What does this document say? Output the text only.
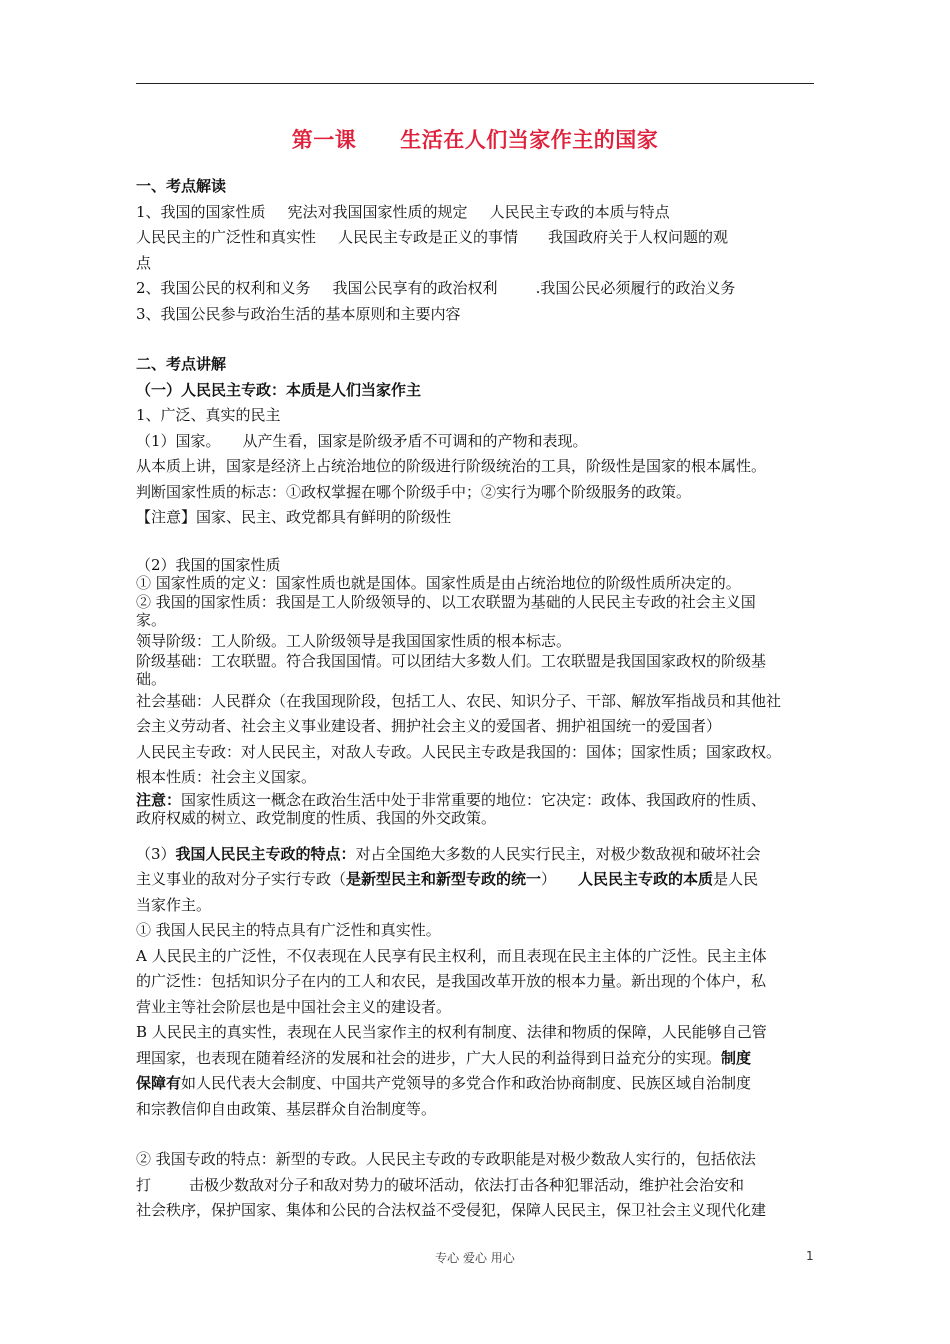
第一课 生活在人们当家作主的国家
一、考点解读
1、我国的国家性质 宪法对我国国家性质的规定 人民民主专政的本质与特点
人民民主的广泛性和真实性 人民民主专政是正义的事情 我国政府关于人权问题的观
点
2、我国公民的权利和义务 我国公民享有的政治权利	.我国公民必须履行的政治义务
3、我国公民参与政治生活的基本原则和主要内容
二、考点讲解
（一）人民民主专政：本质是人们当家作主
1、广泛、真实的民主
（1）国家。 从产生看，国家是阶级矛盾不可调和的产物和表现。
从本质上讲，国家是经济上占统治地位的阶级进行阶级统治的工具，阶级性是国家的根本属性。
判断国家性质的标志：①政权掌握在哪个阶级手中；②实行为哪个阶级服务的政策。
【注意】国家、民主、政党都具有鲜明的阶级性
（2）我国的国家性质
① 国家性质的定义：国家性质也就是国体。国家性质是由占统治地位的阶级性质所决定的。
② 我国的国家性质：我国是工人阶级领导的、以工农联盟为基础的人民民主专政的社会主义国
家。
领导阶级：工人阶级。工人阶级领导是我国国家性质的根本标志。
阶级基础：工农联盟。符合我国国情。可以团结大多数人们。工农联盟是我国国家政权的阶级基
础。
社会基础：人民群众（在我国现阶段，包括工人、农民、知识分子、干部、解放军指战员和其他社
会主义劳动者、社会主义事业建设者、拥护社会主义的爱国者、拥护祖国统一的爱国者）
人民民主专政：对人民民主，对敌人专政。人民民主专政是我国的：国体；国家性质；国家政权。
根本性质：社会主义国家。
注意：国家性质这一概念在政治生活中处于非常重要的地位：它决定：政体、我国政府的性质、
政府权威的树立、政党制度的性质、我国的外交政策。
（3）我国人民民主专政的特点：对占全国绝大多数的人民实行民主，对极少数敌视和破坏社会
主义事业的敌对分子实行专政（是新型民主和新型专政的统一） 人民民主专政的本质是人民
当家作主。
① 我国人民民主的特点具有广泛性和真实性。
A 人民民主的广泛性，不仅表现在人民享有民主权利，而且表现在民主主体的广泛性。民主主体
的广泛性：包括知识分子在内的工人和农民，是我国改革开放的根本力量。新出现的个体户，私
营业主等社会阶层也是中国社会主义的建设者。
B 人民民主的真实性，表现在人民当家作主的权利有制度、法律和物质的保障，人民能够自己管
理国家，也表现在随着经济的发展和社会的进步，广大人民的利益得到日益充分的实现。制度
保障有如人民代表大会制度、中国共产党领导的多党合作和政治协商制度、民族区域自治制度
和宗教信仰自由政策、基层群众自治制度等。
② 我国专政的特点：新型的专政。人民民主专政的专政职能是对极少数敌人实行的，包括依法
打	击极少数敌对分子和敌对势力的破坏活动，依法打击各种犯罪活动，维护社会治安和
社会秩序，保护国家、集体和公民的合法权益不受侵犯，保障人民民主，保卫社会主义现代化建
专心 爱心 用心	1
